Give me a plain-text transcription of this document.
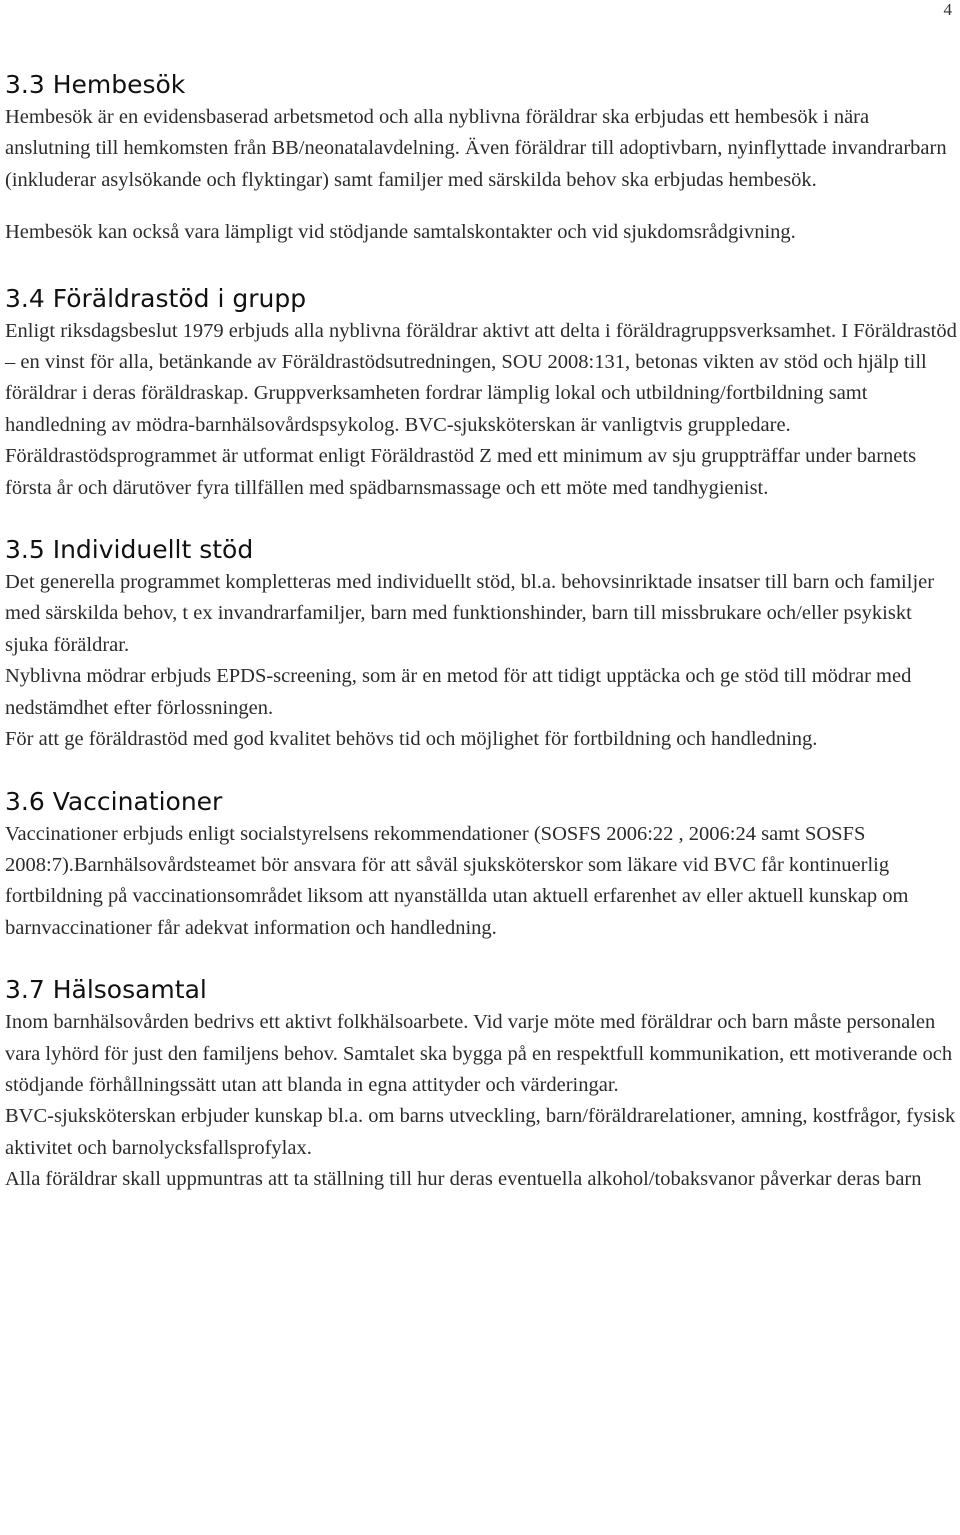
4
3.3 Hembesök

Hembesök är en evidensbaserad arbetsmetod och alla nyblivna föräldrar ska erbjudas ett hembesök i nära anslutning till hemkomsten från BB/neonatalavdelning. Även föräldrar till adoptivbarn, nyinflyttade invandrarbarn (inkluderar asylsökande och flyktingar) samt familjer med särskilda behov ska erbjudas hembesök.

Hembesök kan också vara lämpligt vid stödjande samtalskontakter och vid sjukdomsrådgivning.

3.4 Föräldrastöd i grupp

Enligt riksdagsbeslut 1979 erbjuds alla nyblivna föräldrar aktivt att delta i föräldragruppsverksamhet. I Föräldrastöd – en vinst för alla, betänkande av Föräldrastödsutredningen, SOU 2008:131, betonas vikten av stöd och hjälp till föräldrar i deras föräldraskap. Gruppverksamheten fordrar lämplig lokal och utbildning/fortbildning samt handledning av mödra-barnhälsovårdspsykolog. BVC-sjuksköterskan är vanligtvis gruppledare. Föräldrastödsprogrammet är utformat enligt Föräldrastöd Z med ett minimum av sju gruppträffar under barnets första år och därutöver fyra tillfällen med spädbarnsmassage och ett möte med tandhygienist.

3.5 Individuellt stöd

Det generella programmet kompletteras med individuellt stöd, bl.a. behovsinriktade insatser till barn och familjer med särskilda behov, t ex invandrarfamiljer, barn med funktionshinder, barn till missbrukare och/eller psykiskt sjuka föräldrar.

Nyblivna mödrar erbjuds EPDS-screening, som är en metod för att tidigt upptäcka och ge stöd till mödrar med nedstämdhet efter förlossningen.

För att ge föräldrastöd med god kvalitet behövs tid och möjlighet för fortbildning och handledning.

3.6 Vaccinationer

Vaccinationer erbjuds enligt socialstyrelsens rekommendationer (SOSFS 2006:22 , 2006:24 samt SOSFS 2008:7).Barnhälsovårdsteamet bör ansvara för att såväl sjuksköterskor som läkare vid BVC får kontinuerlig fortbildning på vaccinationsområdet liksom att nyanställda utan aktuell erfarenhet av eller aktuell kunskap om barnvaccinationer får adekvat information och handledning.

3.7 Hälsosamtal

Inom barnhälsovården bedrivs ett aktivt folkhälsoarbete. Vid varje möte med föräldrar och barn måste personalen vara lyhörd för just den familjens behov. Samtalet ska bygga på en respektfull kommunikation, ett motiverande och stödjande förhållningssätt utan att blanda in egna attityder och värderingar.

BVC-sjuksköterskan erbjuder kunskap bl.a. om barns utveckling, barn/föräldrarelationer, amning, kostfrågor, fysisk aktivitet och barnolycksfallsprofylax.

Alla föräldrar skall uppmuntras att ta ställning till hur deras eventuella alkohol/tobaksvanor påverkar deras barn
